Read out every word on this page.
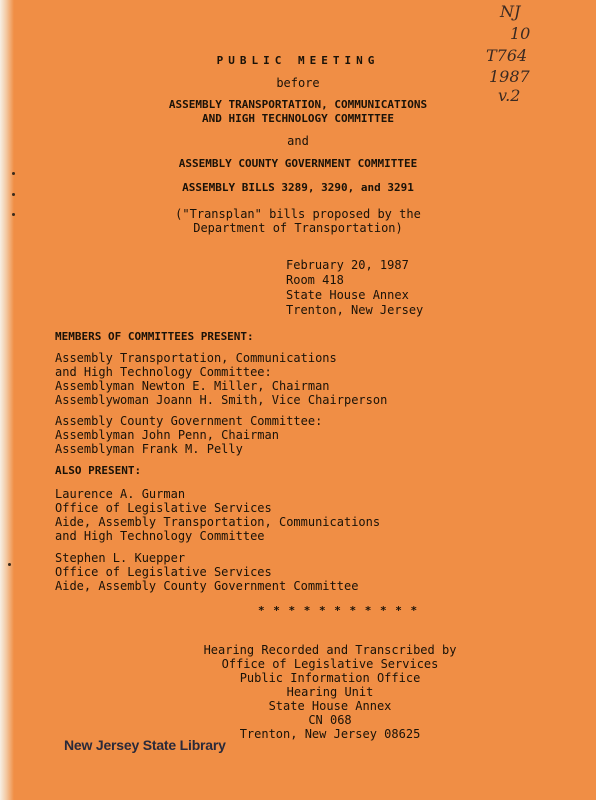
NJ
10
T764
1987
v.2
PUBLIC MEETING
before
ASSEMBLY TRANSPORTATION, COMMUNICATIONS
AND HIGH TECHNOLOGY COMMITTEE
and
ASSEMBLY COUNTY GOVERNMENT COMMITTEE
ASSEMBLY BILLS 3289, 3290, and 3291
("Transplan" bills proposed by the
Department of Transportation)
February 20, 1987
Room 418
State House Annex
Trenton, New Jersey
MEMBERS OF COMMITTEES PRESENT:
Assembly Transportation, Communications
and High Technology Committee:
Assemblyman Newton E. Miller, Chairman
Assemblywoman Joann H. Smith, Vice Chairperson
Assembly County Government Committee:
Assemblyman John Penn, Chairman
Assemblyman Frank M. Pelly
ALSO PRESENT:
Laurence A. Gurman
Office of Legislative Services
Aide, Assembly Transportation, Communications
and High Technology Committee
Stephen L. Kuepper
Office of Legislative Services
Aide, Assembly County Government Committee
* * * * * * * * * * *
Hearing Recorded and Transcribed by
Office of Legislative Services
Public Information Office
Hearing Unit
State House Annex
CN 068
Trenton, New Jersey 08625
New Jersey State Library
